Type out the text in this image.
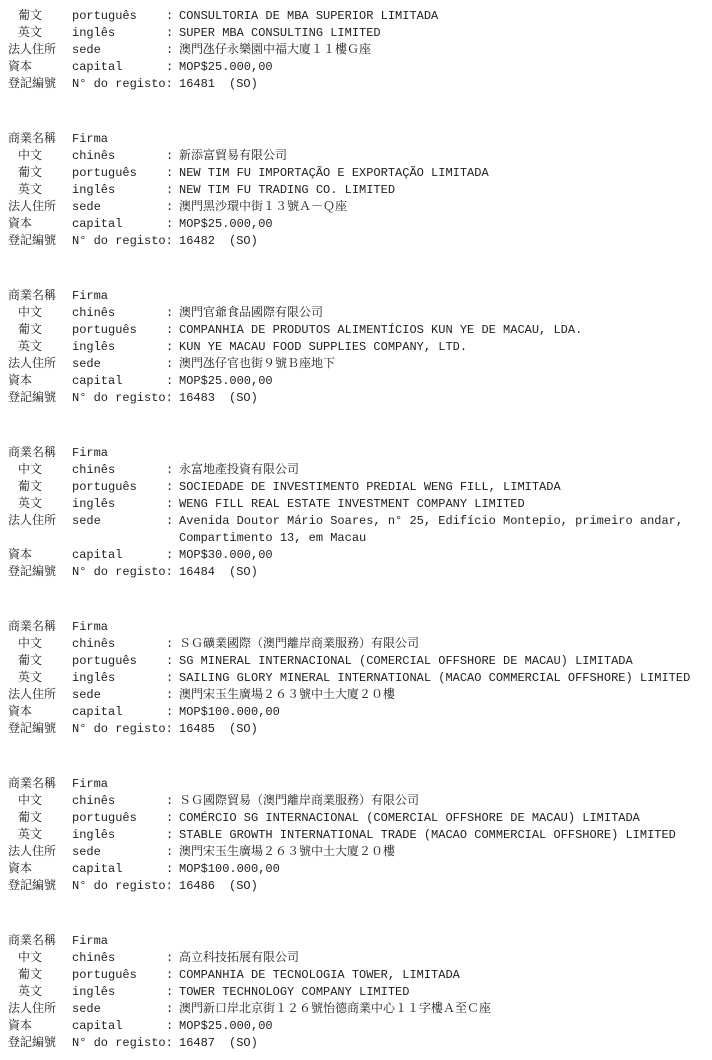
葡文	português	: CONSULTORIA DE MBA SUPERIOR LIMITADA
英文	inglês	: SUPER MBA CONSULTING LIMITED
法人住所	sede	: 澳門氹仔永樂園中福大廈１１樓Ｇ座
資本	capital	: MOP$25.000,00
登記編號	N° do registo: 16481 (SO)
商業名稱	Firma
中文	chinês	: 新添富貿易有限公司
葡文	português	: NEW TIM FU IMPORTAÇÃO E EXPORTAÇÃO LIMITADA
英文	inglês	: NEW TIM FU TRADING CO. LIMITED
法人住所	sede	: 澳門黑沙環中街１３號Ａ－Ｑ座
資本	capital	: MOP$25.000,00
登記編號	N° do registo: 16482 (SO)
商業名稱	Firma
中文	chinês	: 澳門官爺食品國際有限公司
葡文	português	: COMPANHIA DE PRODUTOS ALIMENTÍCIOS KUN YE DE MACAU, LDA.
英文	inglês	: KUN YE MACAU FOOD SUPPLIES COMPANY, LTD.
法人住所	sede	: 澳門氹仔官也街９號Ｂ座地下
資本	capital	: MOP$25.000,00
登記編號	N° do registo: 16483 (SO)
商業名稱	Firma
中文	chinês	: 永富地產投資有限公司
葡文	português	: SOCIEDADE DE INVESTIMENTO PREDIAL WENG FILL, LIMITADA
英文	inglês	: WENG FILL REAL ESTATE INVESTMENT COMPANY LIMITED
法人住所	sede	: Avenida Doutor Mário Soares, n° 25, Edifício Montepio, primeiro andar,
Compartimento 13, em Macau
資本	capital	: MOP$30.000,00
登記編號	N° do registo: 16484 (SO)
商業名稱	Firma
中文	chinês	: ＳＧ礦業國際（澳門離岸商業服務）有限公司
葡文	português	: SG MINERAL INTERNACIONAL (COMERCIAL OFFSHORE DE MACAU) LIMITADA
英文	inglês	: SAILING GLORY MINERAL INTERNATIONAL (MACAO COMMERCIAL OFFSHORE) LIMITED
法人住所	sede	: 澳門宋玉生廣場２６３號中土大廈２０樓
資本	capital	: MOP$100.000,00
登記編號	N° do registo: 16485 (SO)
商業名稱	Firma
中文	chinês	: ＳＧ國際貿易（澳門離岸商業服務）有限公司
葡文	português	: COMÉRCIO SG INTERNACIONAL (COMERCIAL OFFSHORE DE MACAU) LIMITADA
英文	inglês	: STABLE GROWTH INTERNATIONAL TRADE (MACAO COMMERCIAL OFFSHORE) LIMITED
法人住所	sede	: 澳門宋玉生廣場２６３號中土大廈２０樓
資本	capital	: MOP$100.000,00
登記編號	N° do registo: 16486 (SO)
商業名稱	Firma
中文	chinês	: 高立科技拓展有限公司
葡文	português	: COMPANHIA DE TECNOLOGIA TOWER, LIMITADA
英文	inglês	: TOWER TECHNOLOGY COMPANY LIMITED
法人住所	sede	: 澳門新口岸北京街１２６號怡德商業中心１１字樓Ａ至Ｃ座
資本	capital	: MOP$25.000,00
登記編號	N° do registo: 16487 (SO)
